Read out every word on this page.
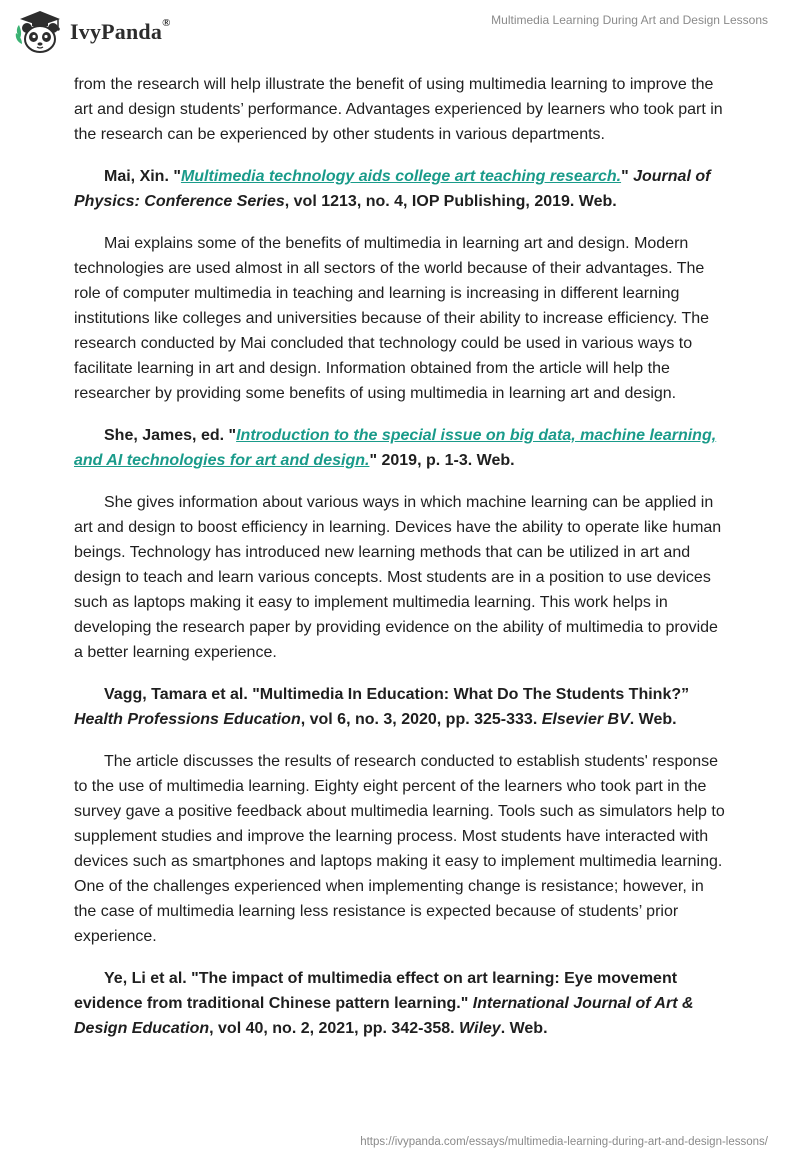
IvyPanda®	Multimedia Learning During Art and Design Lessons

from the research will help illustrate the benefit of using multimedia learning to improve the art and design students’ performance. Advantages experienced by learners who took part in the research can be experienced by other students in various departments.

Mai, Xin. "Multimedia technology aids college art teaching research." Journal of Physics: Conference Series, vol 1213, no. 4, IOP Publishing, 2019. Web.

Mai explains some of the benefits of multimedia in learning art and design. Modern technologies are used almost in all sectors of the world because of their advantages. The role of computer multimedia in teaching and learning is increasing in different learning institutions like colleges and universities because of their ability to increase efficiency. The research conducted by Mai concluded that technology could be used in various ways to facilitate learning in art and design. Information obtained from the article will help the researcher by providing some benefits of using multimedia in learning art and design.

She, James, ed. "Introduction to the special issue on big data, machine learning, and AI technologies for art and design." 2019, p. 1-3. Web.

She gives information about various ways in which machine learning can be applied in art and design to boost efficiency in learning. Devices have the ability to operate like human beings. Technology has introduced new learning methods that can be utilized in art and design to teach and learn various concepts. Most students are in a position to use devices such as laptops making it easy to implement multimedia learning. This work helps in developing the research paper by providing evidence on the ability of multimedia to provide a better learning experience.

Vagg, Tamara et al. "Multimedia In Education: What Do The Students Think?” Health Professions Education, vol 6, no. 3, 2020, pp. 325-333. Elsevier BV. Web.

The article discusses the results of research conducted to establish students' response to the use of multimedia learning. Eighty eight percent of the learners who took part in the survey gave a positive feedback about multimedia learning. Tools such as simulators help to supplement studies and improve the learning process. Most students have interacted with devices such as smartphones and laptops making it easy to implement multimedia learning. One of the challenges experienced when implementing change is resistance; however, in the case of multimedia learning less resistance is expected because of students’ prior experience.

Ye, Li et al. "The impact of multimedia effect on art learning: Eye movement evidence from traditional Chinese pattern learning." International Journal of Art & Design Education, vol 40, no. 2, 2021, pp. 342-358. Wiley. Web.

https://ivypanda.com/essays/multimedia-learning-during-art-and-design-lessons/
